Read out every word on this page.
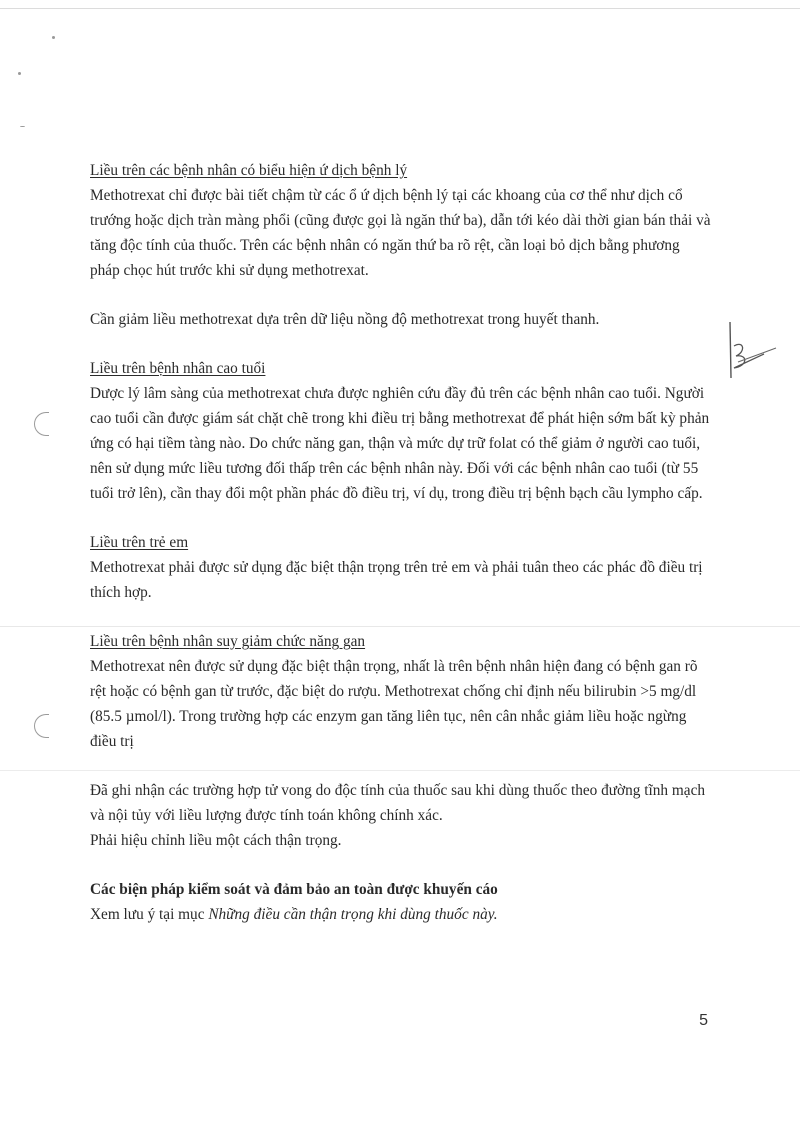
Liều trên các bệnh nhân có biểu hiện ứ dịch bệnh lý

Methotrexat chỉ được bài tiết chậm từ các ổ ứ dịch bệnh lý tại các khoang của cơ thể như dịch cổ trướng hoặc dịch tràn màng phổi (cũng được gọi là ngăn thứ ba), dẫn tới kéo dài thời gian bán thải và tăng độc tính của thuốc. Trên các bệnh nhân có ngăn thứ ba rõ rệt, cần loại bỏ dịch bằng phương pháp chọc hút trước khi sử dụng methotrexat.

Cần giảm liều methotrexat dựa trên dữ liệu nồng độ methotrexat trong huyết thanh.

Liều trên bệnh nhân cao tuổi

Dược lý lâm sàng của methotrexat chưa được nghiên cứu đầy đủ trên các bệnh nhân cao tuổi. Người cao tuổi cần được giám sát chặt chẽ trong khi điều trị bằng methotrexat để phát hiện sớm bất kỳ phản ứng có hại tiềm tàng nào. Do chức năng gan, thận và mức dự trữ folat có thể giảm ở người cao tuổi, nên sử dụng mức liều tương đối thấp trên các bệnh nhân này. Đối với các bệnh nhân cao tuổi (từ 55 tuổi trở lên), cần thay đổi một phần phác đồ điều trị, ví dụ, trong điều trị bệnh bạch cầu lympho cấp.

Liều trên trẻ em

Methotrexat phải được sử dụng đặc biệt thận trọng trên trẻ em và phải tuân theo các phác đồ điều trị thích hợp.

Liều trên bệnh nhân suy giảm chức năng gan

Methotrexat nên được sử dụng đặc biệt thận trọng, nhất là trên bệnh nhân hiện đang có bệnh gan rõ rệt hoặc có bệnh gan từ trước, đặc biệt do rượu. Methotrexat chống chỉ định nếu bilirubin >5 mg/dl (85.5 µmol/l). Trong trường hợp các enzym gan tăng liên tục, nên cân nhắc giảm liều hoặc ngừng điều trị

Đã ghi nhận các trường hợp tử vong do độc tính của thuốc sau khi dùng thuốc theo đường tĩnh mạch và nội tủy với liều lượng được tính toán không chính xác.

Phải hiệu chỉnh liều một cách thận trọng.

Các biện pháp kiểm soát và đảm bảo an toàn được khuyến cáo

Xem lưu ý tại mục Những điều cần thận trọng khi dùng thuốc này.

5
